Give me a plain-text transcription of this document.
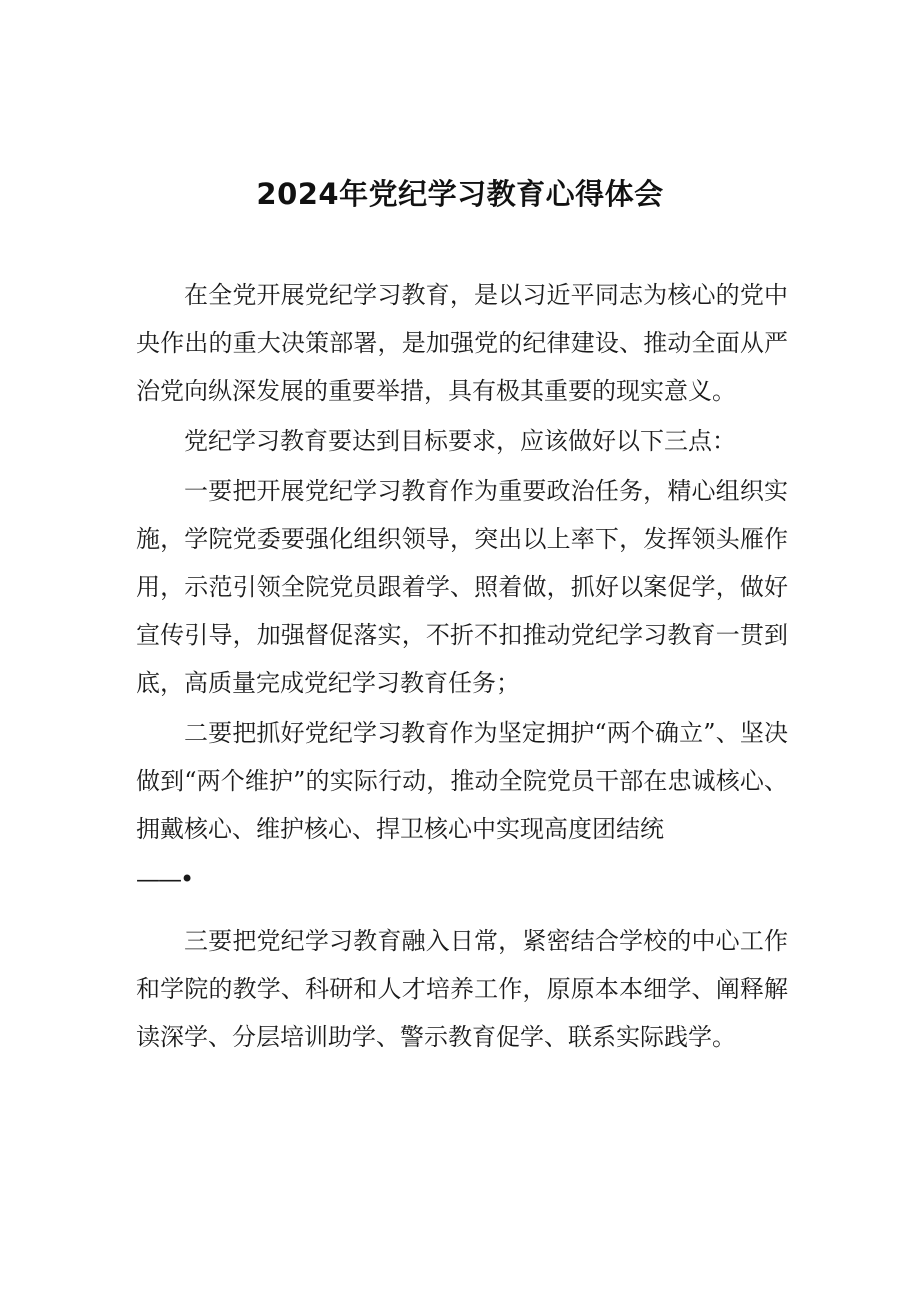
2024年党纪学习教育心得体会

在全党开展党纪学习教育，是以习近平同志为核心的党中央作出的重大决策部署，是加强党的纪律建设、推动全面从严治党向纵深发展的重要举措，具有极其重要的现实意义。

党纪学习教育要达到目标要求，应该做好以下三点：

一要把开展党纪学习教育作为重要政治任务，精心组织实施，学院党委要强化组织领导，突出以上率下，发挥领头雁作用，示范引领全院党员跟着学、照着做，抓好以案促学，做好宣传引导，加强督促落实，不折不扣推动党纪学习教育一贯到底，高质量完成党纪学习教育任务；

二要把抓好党纪学习教育作为坚定拥护“两个确立”、坚决做到“两个维护”的实际行动，推动全院党员干部在忠诚核心、拥戴核心、维护核心、捍卫核心中实现高度团结统

——•

三要把党纪学习教育融入日常，紧密结合学校的中心工作和学院的教学、科研和人才培养工作，原原本本细学、阐释解读深学、分层培训助学、警示教育促学、联系实际践学。
